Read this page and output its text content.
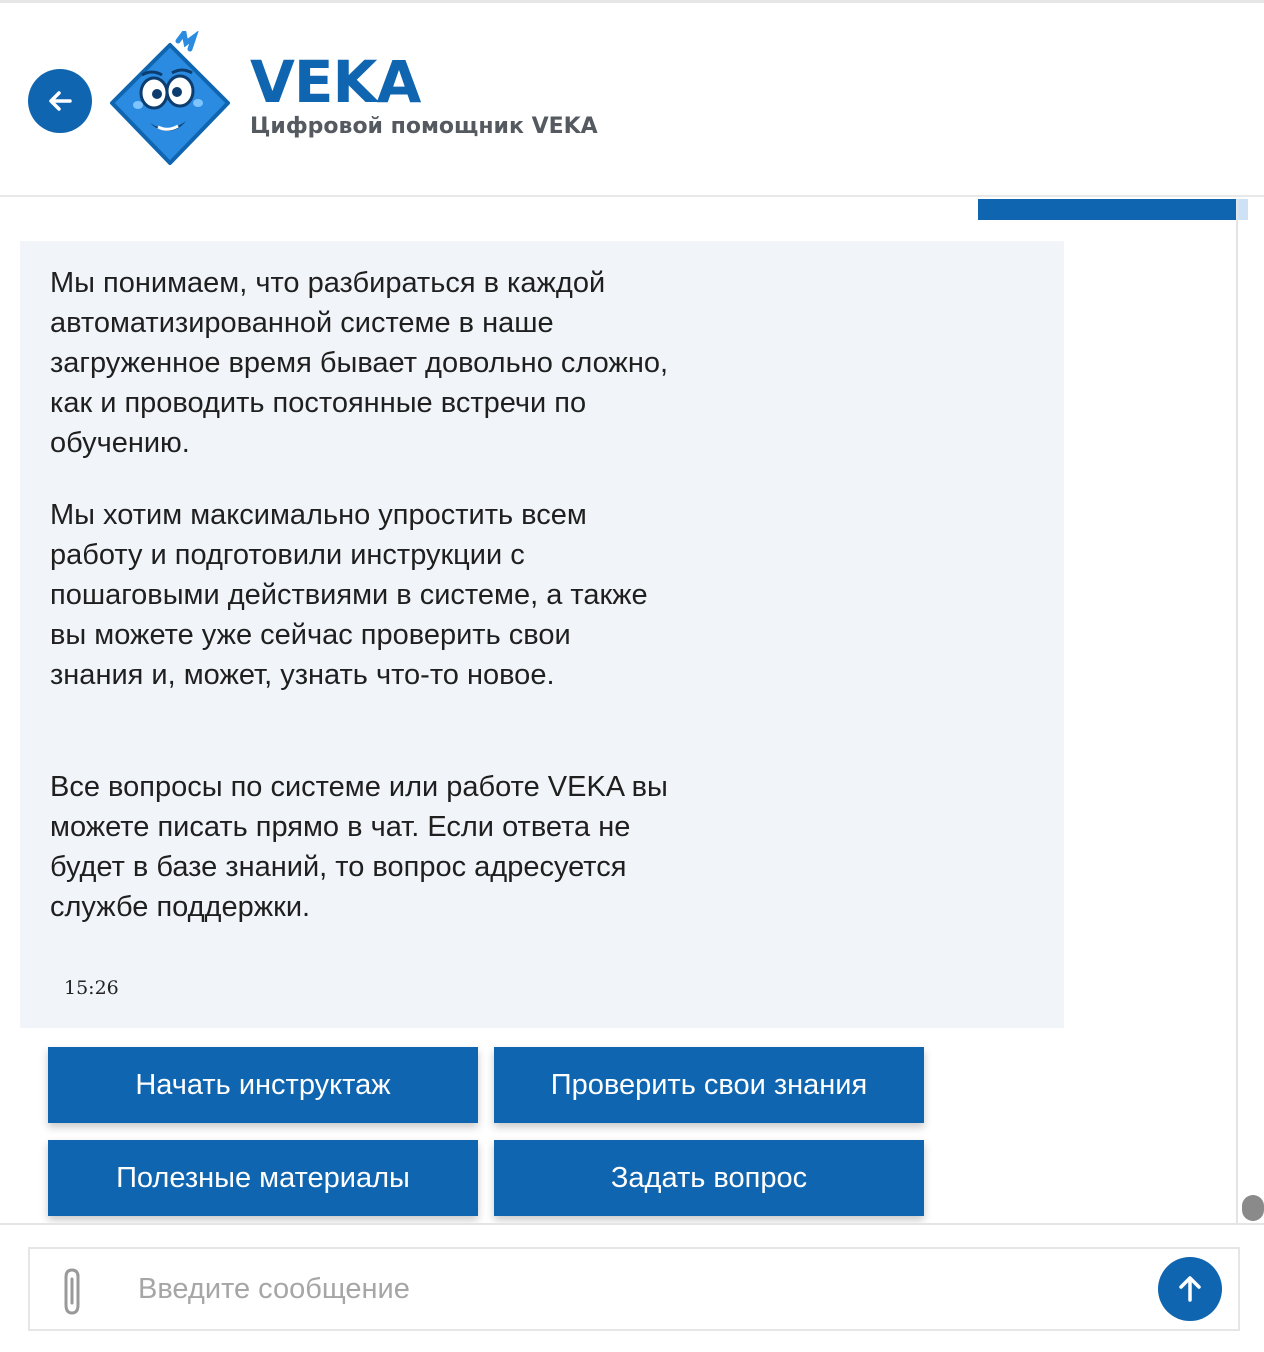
VEKA
Цифровой помощник VEKA

Мы понимаем, что разбираться в каждой автоматизированной системе в наше загруженное время бывает довольно сложно, как и проводить постоянные встречи по обучению.

Мы хотим максимально упростить всем работу и подготовили инструкции с пошаговыми действиями в системе, а также вы можете уже сейчас проверить свои знания и, может, узнать что-то новое.

Все вопросы по системе или работе VEKA вы можете писать прямо в чат. Если ответа не будет в базе знаний, то вопрос адресуется службе поддержки.

15:26
Начать инструктаж	Проверить свои знания
Полезные материалы	Задать вопрос
Введите сообщение
